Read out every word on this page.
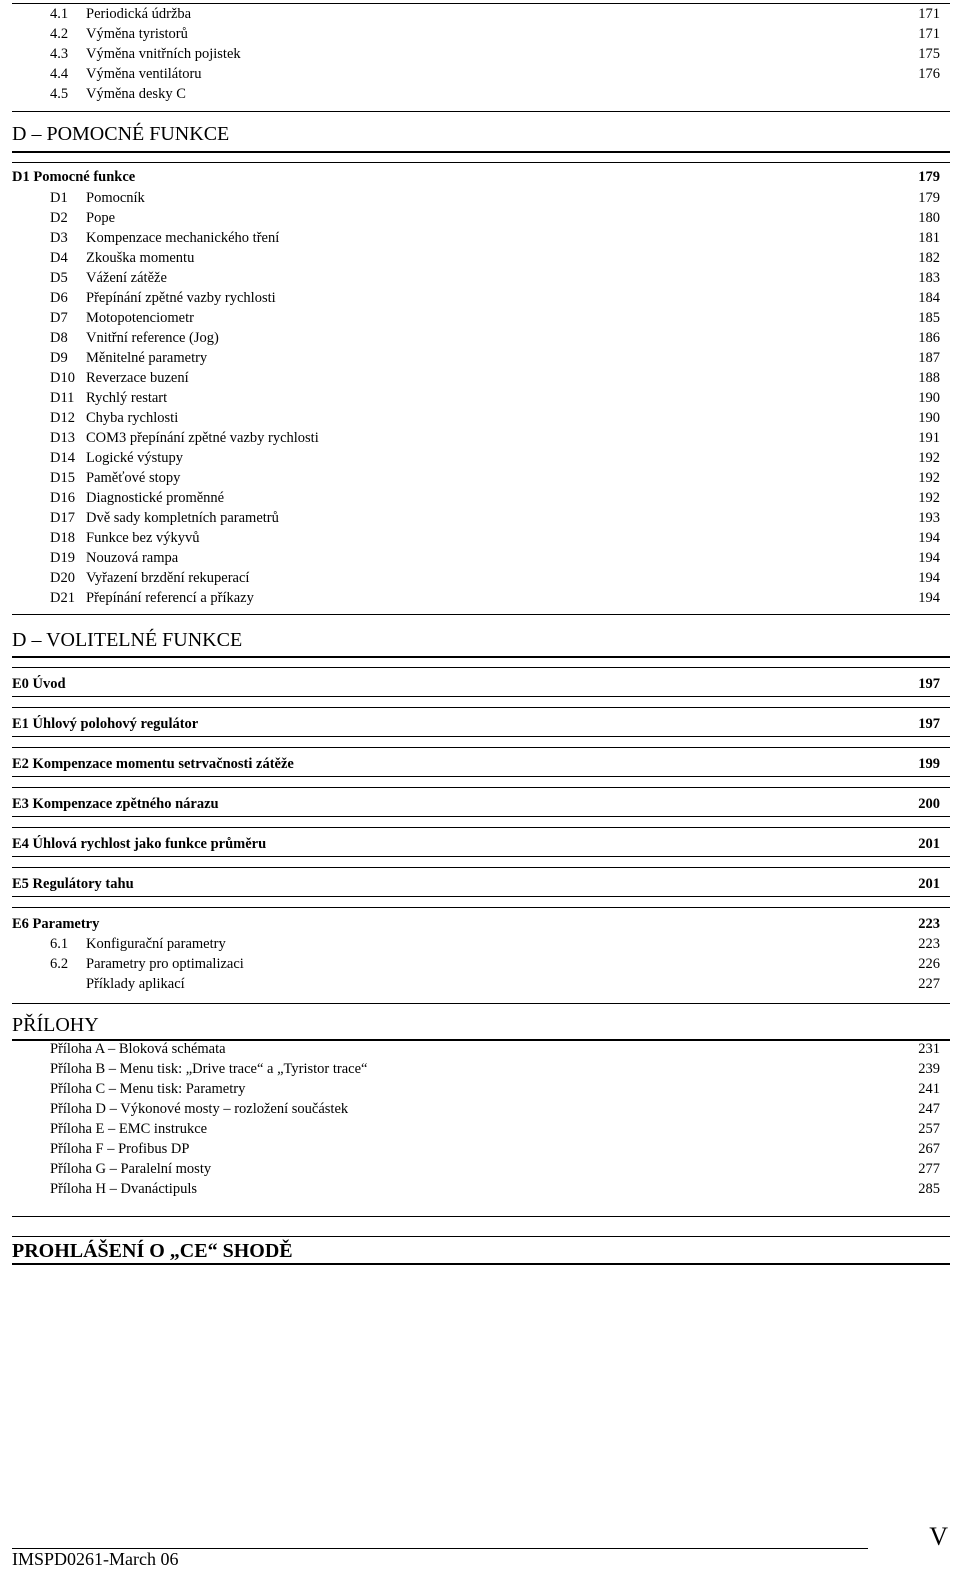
4.1 Periodická údržba	171
4.2 Výměna tyristorů	171
4.3 Výměna vnitřních pojistek	175
4.4 Výměna ventilátoru	176
4.5 Výměna desky C
D – POMOCNÉ FUNKCE
D1 Pomocné funkce	179
D1 Pomocník	179
D2 Pope	180
D3 Kompenzace mechanického tření	181
D4 Zkouška momentu	182
D5 Vážení zátěže	183
D6 Přepínání zpětné vazby rychlosti	184
D7 Motopotenciometr	185
D8 Vnitřní reference (Jog)	186
D9 Měnitelné parametry	187
D10 Reverzace buzení	188
D11 Rychlý restart	190
D12 Chyba rychlosti	190
D13 COM3 přepínání zpětné vazby rychlosti	191
D14 Logické výstupy	192
D15 Paměťové stopy	192
D16 Diagnostické proměnné	192
D17 Dvě sady kompletních parametrů	193
D18 Funkce bez výkyvů	194
D19 Nouzová rampa	194
D20 Vyřazení brzdění rekuperací	194
D21 Přepínání referencí a příkazy	194
D – VOLITELNÉ FUNKCE
E0 Úvod	197
E1 Úhlový polohový regulátor	197
E2 Kompenzace momentu setrvačnosti zátěže	199
E3 Kompenzace zpětného nárazu	200
E4 Úhlová rychlost jako funkce průměru	201
E5 Regulátory tahu	201
E6 Parametry	223
6.1 Konfigurační parametry	223
6.2 Parametry pro optimalizaci	226
Příklady aplikací	227
PŘÍLOHY
Příloha A – Bloková schémata	231
Příloha B – Menu tisk: „Drive trace“ a „Tyristor trace“	239
Příloha C – Menu tisk: Parametry	241
Příloha D – Výkonové mosty – rozložení součástek	247
Příloha E – EMC instrukce	257
Příloha F – Profibus DP	267
Příloha G – Paralelní mosty	277
Příloha H – Dvanáctipuls	285
PROHLÁŠENÍ O „CE“ SHODĚ
IMSPD0261-March 06
V
